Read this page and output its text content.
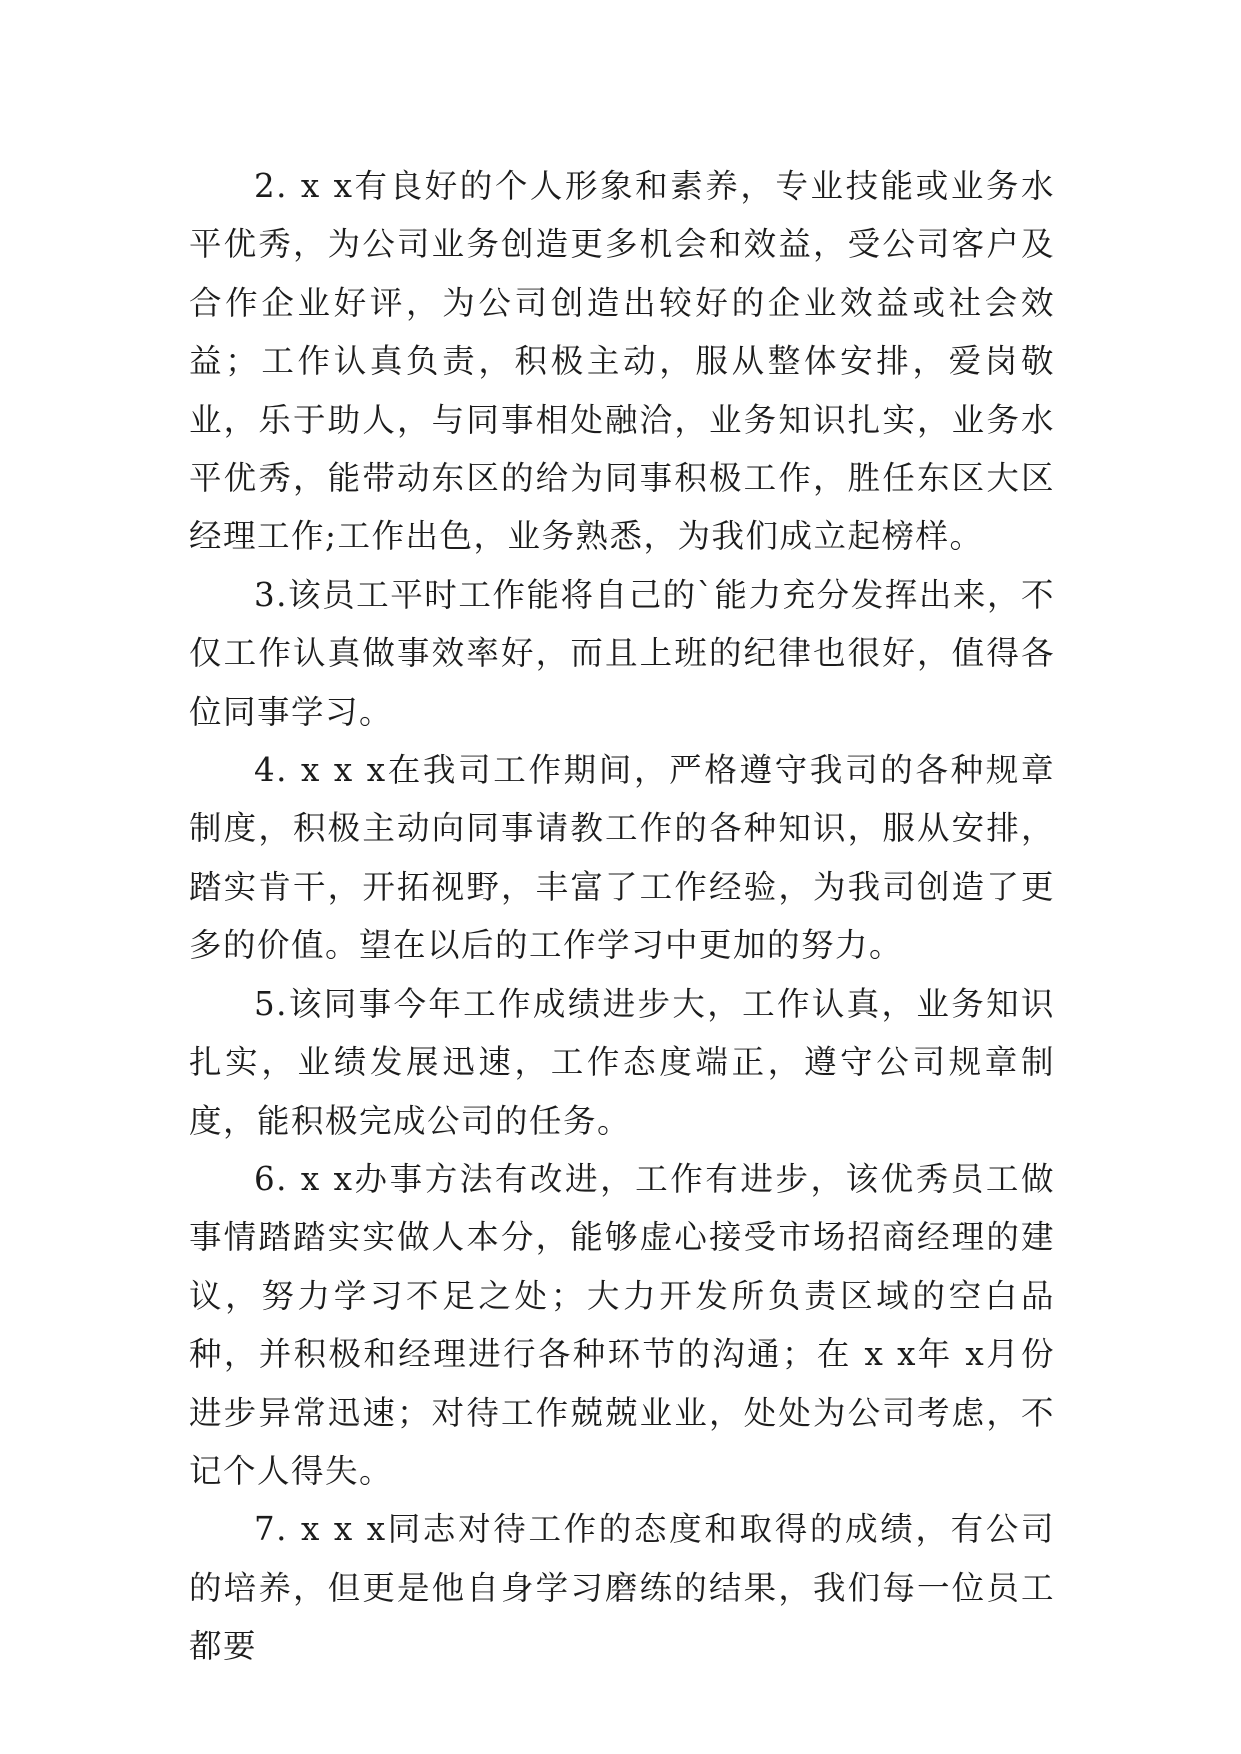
2. x x有良好的个人形象和素养，专业技能或业务水平优秀，为公司业务创造更多机会和效益，受公司客户及合作企业好评，为公司创造出较好的企业效益或社会效益；工作认真负责，积极主动，服从整体安排，爱岗敬业，乐于助人，与同事相处融洽，业务知识扎实，业务水平优秀，能带动东区的给为同事积极工作，胜任东区大区经理工作;工作出色，业务熟悉，为我们成立起榜样。

3.该员工平时工作能将自己的`能力充分发挥出来，不仅工作认真做事效率好，而且上班的纪律也很好，值得各位同事学习。

4. x x x在我司工作期间，严格遵守我司的各种规章制度，积极主动向同事请教工作的各种知识，服从安排，踏实肯干，开拓视野，丰富了工作经验，为我司创造了更多的价值。望在以后的工作学习中更加的努力。

5.该同事今年工作成绩进步大，工作认真，业务知识扎实，业绩发展迅速，工作态度端正，遵守公司规章制度，能积极完成公司的任务。

6. x x办事方法有改进，工作有进步，该优秀员工做事情踏踏实实做人本分，能够虚心接受市场招商经理的建议，努力学习不足之处；大力开发所负责区域的空白品种，并积极和经理进行各种环节的沟通；在 x x年 x月份进步异常迅速；对待工作兢兢业业，处处为公司考虑，不记个人得失。

7. x x x同志对待工作的态度和取得的成绩，有公司的培养，但更是他自身学习磨练的结果，我们每一位员工都要
